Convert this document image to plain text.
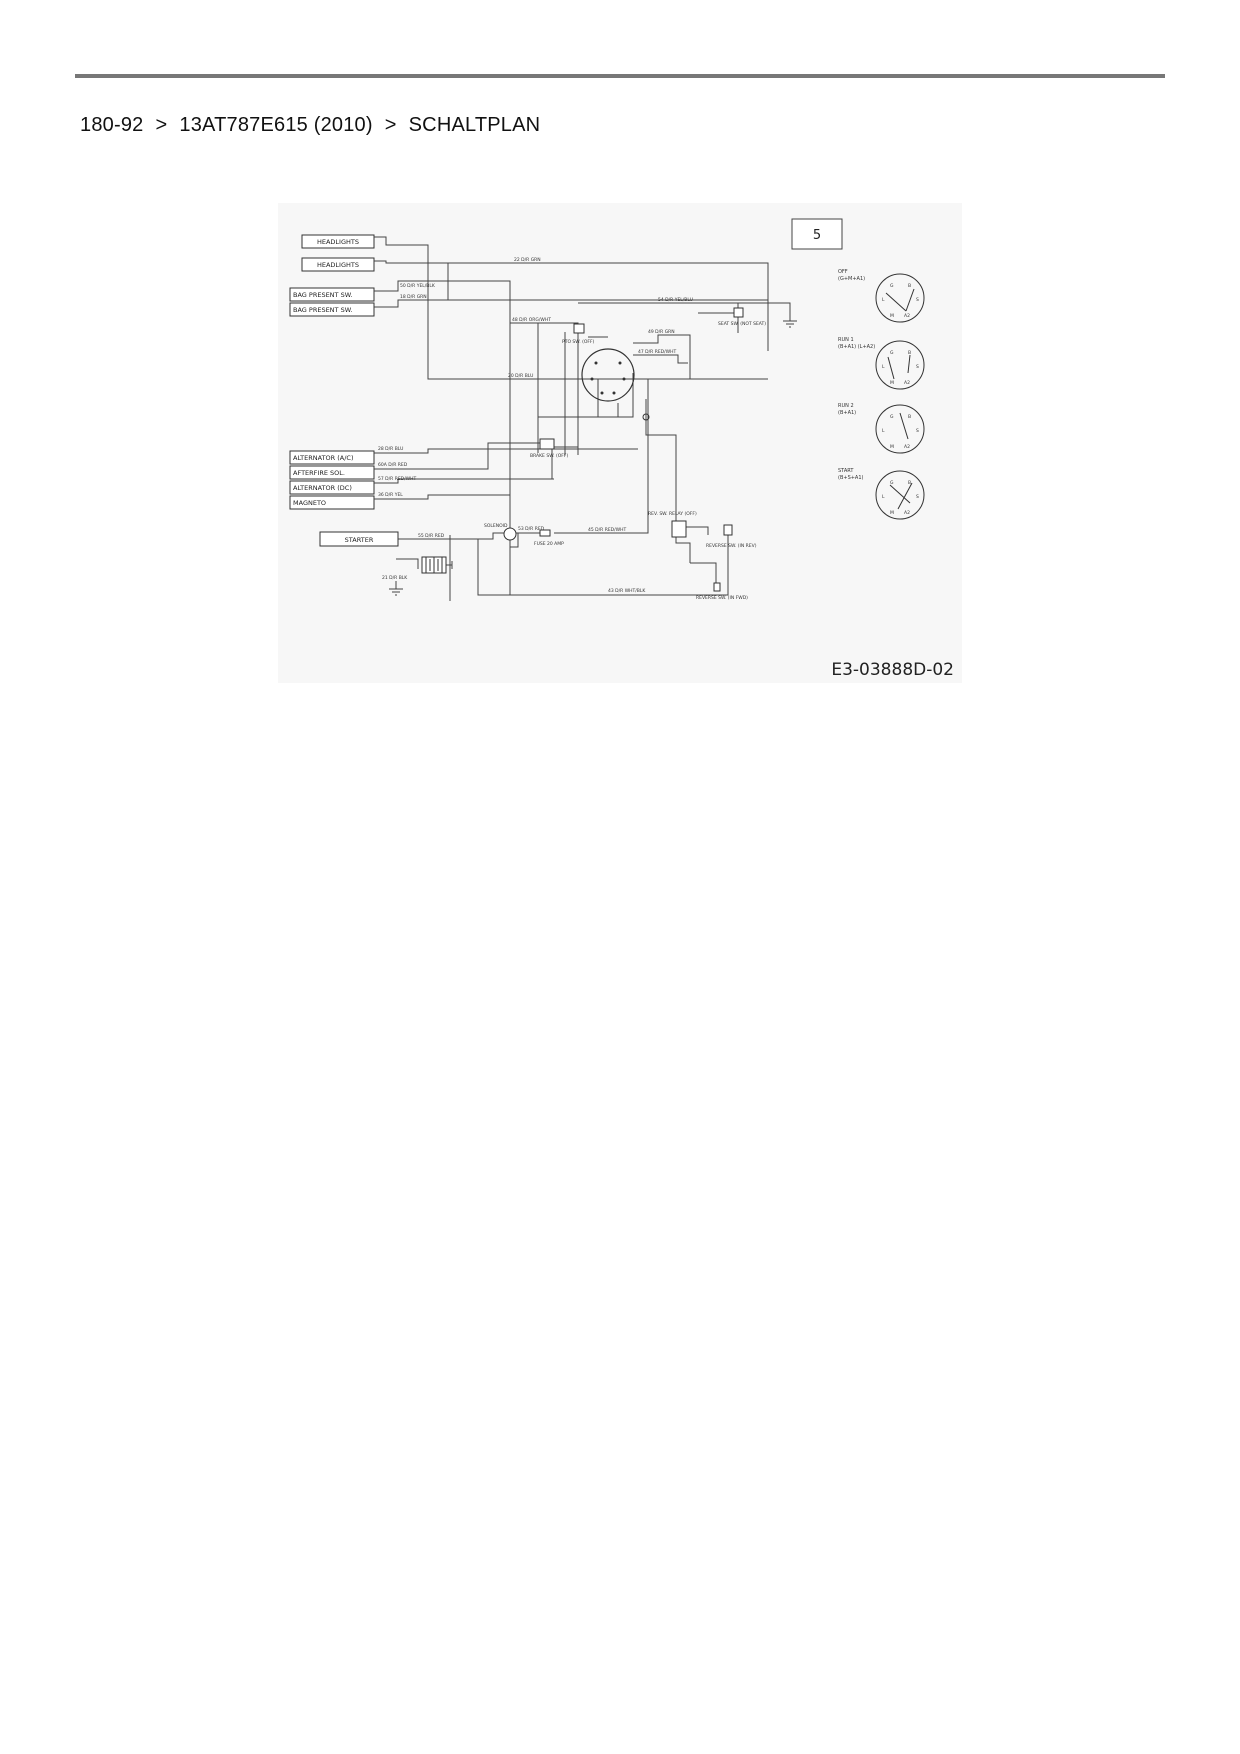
180-92 > 13AT787E615 (2010) > SCHALTPLAN
5
HEADLIGHTS
HEADLIGHTS
BAG PRESENT SW.
BAG PRESENT SW.
ALTERNATOR (A/C)
AFTERFIRE SOL.
ALTERNATOR (DC)
MAGNETO
STARTER
22 D/R GRN
50 D/R YEL/BLK
18 D/R GRN
54 D/R YEL/BLU
48 D/R ORG/WHT
49 D/R GRN
47 D/R RED/WHT
20 D/R BLU
28 D/R BLU
60A D/R RED
57 D/R RED/WHT
36 D/R YEL
55 D/R RED
53 D/R RED	45 D/R RED/WHT
43 D/R WHT/BLK
21 D/R BLK
PTO SW. (OFF)
SEAT SW. (NOT SEAT)
BRAKE SW. (OFF)
SOLENOID
FUSE 20 AMP
REV. SW. RELAY (OFF)
REVERSE SW. (IN REV)
REVERSE SW. (IN FWD)
OFF
(G+M+A1)
RUN 1
(B+A1) (L+A2)
RUN 2
(B+A1)
START
(B+S+A1)
G	B
L	S
M A2
G	B
L	S
M A2
G	B
L	S
M A2
G	B
L	S
M A2
E3-03888D-02
